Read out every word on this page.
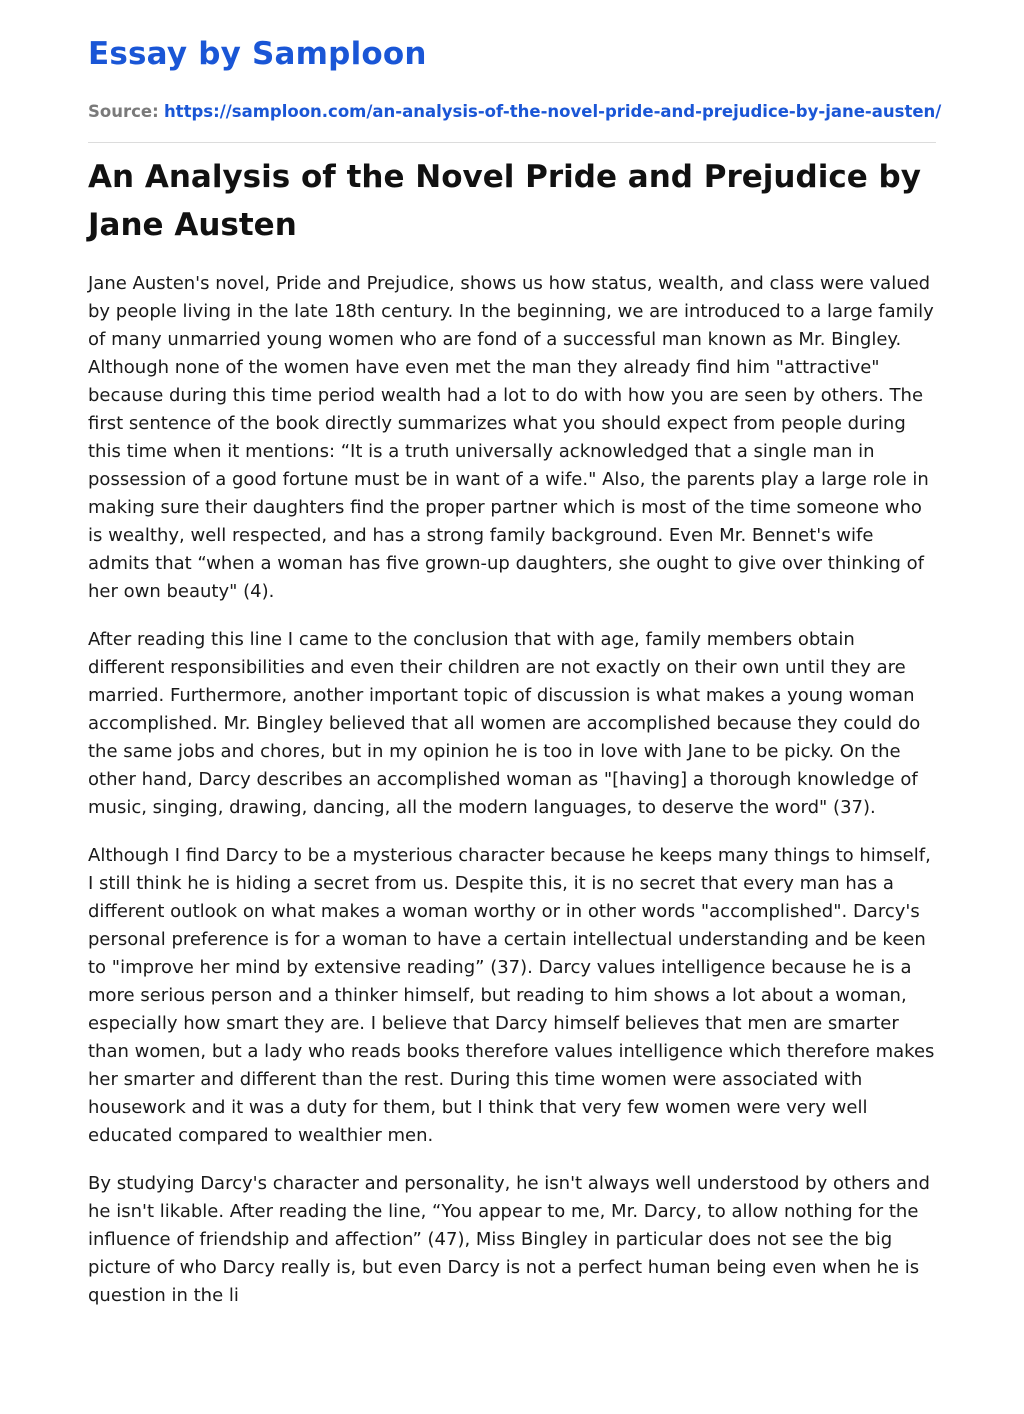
Essay by Samploon
Source: https://samploon.com/an-analysis-of-the-novel-pride-and-prejudice-by-jane-austen/
An Analysis of the Novel Pride and Prejudice by Jane Austen

Jane Austen's novel, Pride and Prejudice, shows us how status, wealth, and class were valued by people living in the late 18th century. In the beginning, we are introduced to a large family of many unmarried young women who are fond of a successful man known as Mr. Bingley. Although none of the women have even met the man they already find him "attractive" because during this time period wealth had a lot to do with how you are seen by others. The first sentence of the book directly summarizes what you should expect from people during this time when it mentions: “It is a truth universally acknowledged that a single man in possession of a good fortune must be in want of a wife." Also, the parents play a large role in making sure their daughters find the proper partner which is most of the time someone who is wealthy, well respected, and has a strong family background. Even Mr. Bennet's wife admits that “when a woman has five grown-up daughters, she ought to give over thinking of her own beauty" (4).

After reading this line I came to the conclusion that with age, family members obtain different responsibilities and even their children are not exactly on their own until they are married. Furthermore, another important topic of discussion is what makes a young woman accomplished. Mr. Bingley believed that all women are accomplished because they could do the same jobs and chores, but in my opinion he is too in love with Jane to be picky. On the other hand, Darcy describes an accomplished woman as "[having] a thorough knowledge of music, singing, drawing, dancing, all the modern languages, to deserve the word" (37).

Although I find Darcy to be a mysterious character because he keeps many things to himself, I still think he is hiding a secret from us. Despite this, it is no secret that every man has a different outlook on what makes a woman worthy or in other words "accomplished". Darcy's personal preference is for a woman to have a certain intellectual understanding and be keen to "improve her mind by extensive reading” (37). Darcy values intelligence because he is a more serious person and a thinker himself, but reading to him shows a lot about a woman, especially how smart they are. I believe that Darcy himself believes that men are smarter than women, but a lady who reads books therefore values intelligence which therefore makes her smarter and different than the rest. During this time women were associated with housework and it was a duty for them, but I think that very few women were very well educated compared to wealthier men.

By studying Darcy's character and personality, he isn't always well understood by others and he isn't likable. After reading the line, “You appear to me, Mr. Darcy, to allow nothing for the influence of friendship and affection” (47), Miss Bingley in particular does not see the big picture of who Darcy really is, but even Darcy is not a perfect human being even when he is question in the li
